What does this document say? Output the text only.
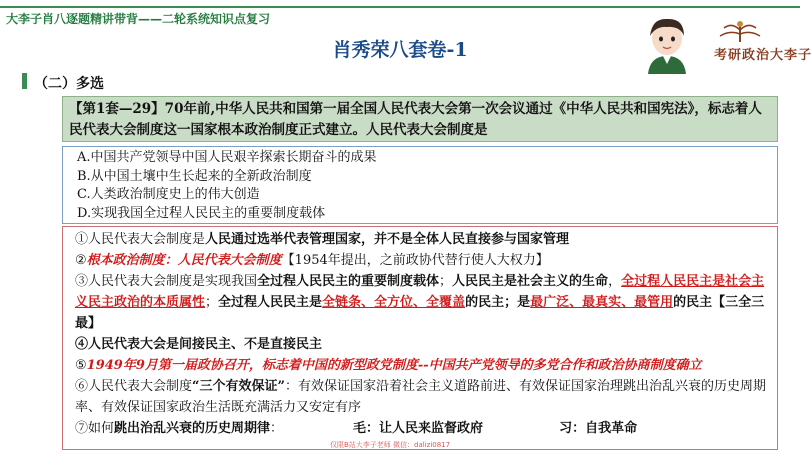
大李子肖八逐题精讲带背——二轮系统知识点复习
肖秀荣八套卷-1	考研政治大李子
（二）多选
【第1套—29】70年前,中华人民共和国第一届全国人民代表大会第一次会议通过《中华人民共和国宪法》，标志着人民代表大会制度这一国家根本政治制度正式建立。人民代表大会制度是
A.中国共产党领导中国人民艰辛探索长期奋斗的成果
B.从中国土壤中生长起来的全新政治制度
C.人类政治制度史上的伟大创造
D.实现我国全过程人民民主的重要制度载体

①人民代表大会制度是人民通过选举代表管理国家，并不是全体人民直接参与国家管理

②根本政治制度：人民代表大会制度【1954年提出，之前政协代替行使人大权力】

③人民代表大会制度是实现我国全过程人民民主的重要制度载体；人民民主是社会主义的生命，全过程人民民主是社会主义民主政治的本质属性；全过程人民民主是全链条、全方位、全覆盖的民主；是最广泛、最真实、最管用的民主【三全三最】

④人民代表大会是间接民主、不是直接民主

⑤1949年9月第一届政协召开，标志着中国的新型政党制度--中国共产党领导的多党合作和政治协商制度确立

⑥人民代表大会制度“三个有效保证”：有效保证国家沿着社会主义道路前进、有效保证国家治理跳出治乱兴衰的历史周期率、有效保证国家政治生活既充满活力又安定有序

⑦如何跳出治乱兴衰的历史周期律：	毛：让人民来监督政府	习：自我革命

仅限B站大李子老师 微信：dalizi0817
